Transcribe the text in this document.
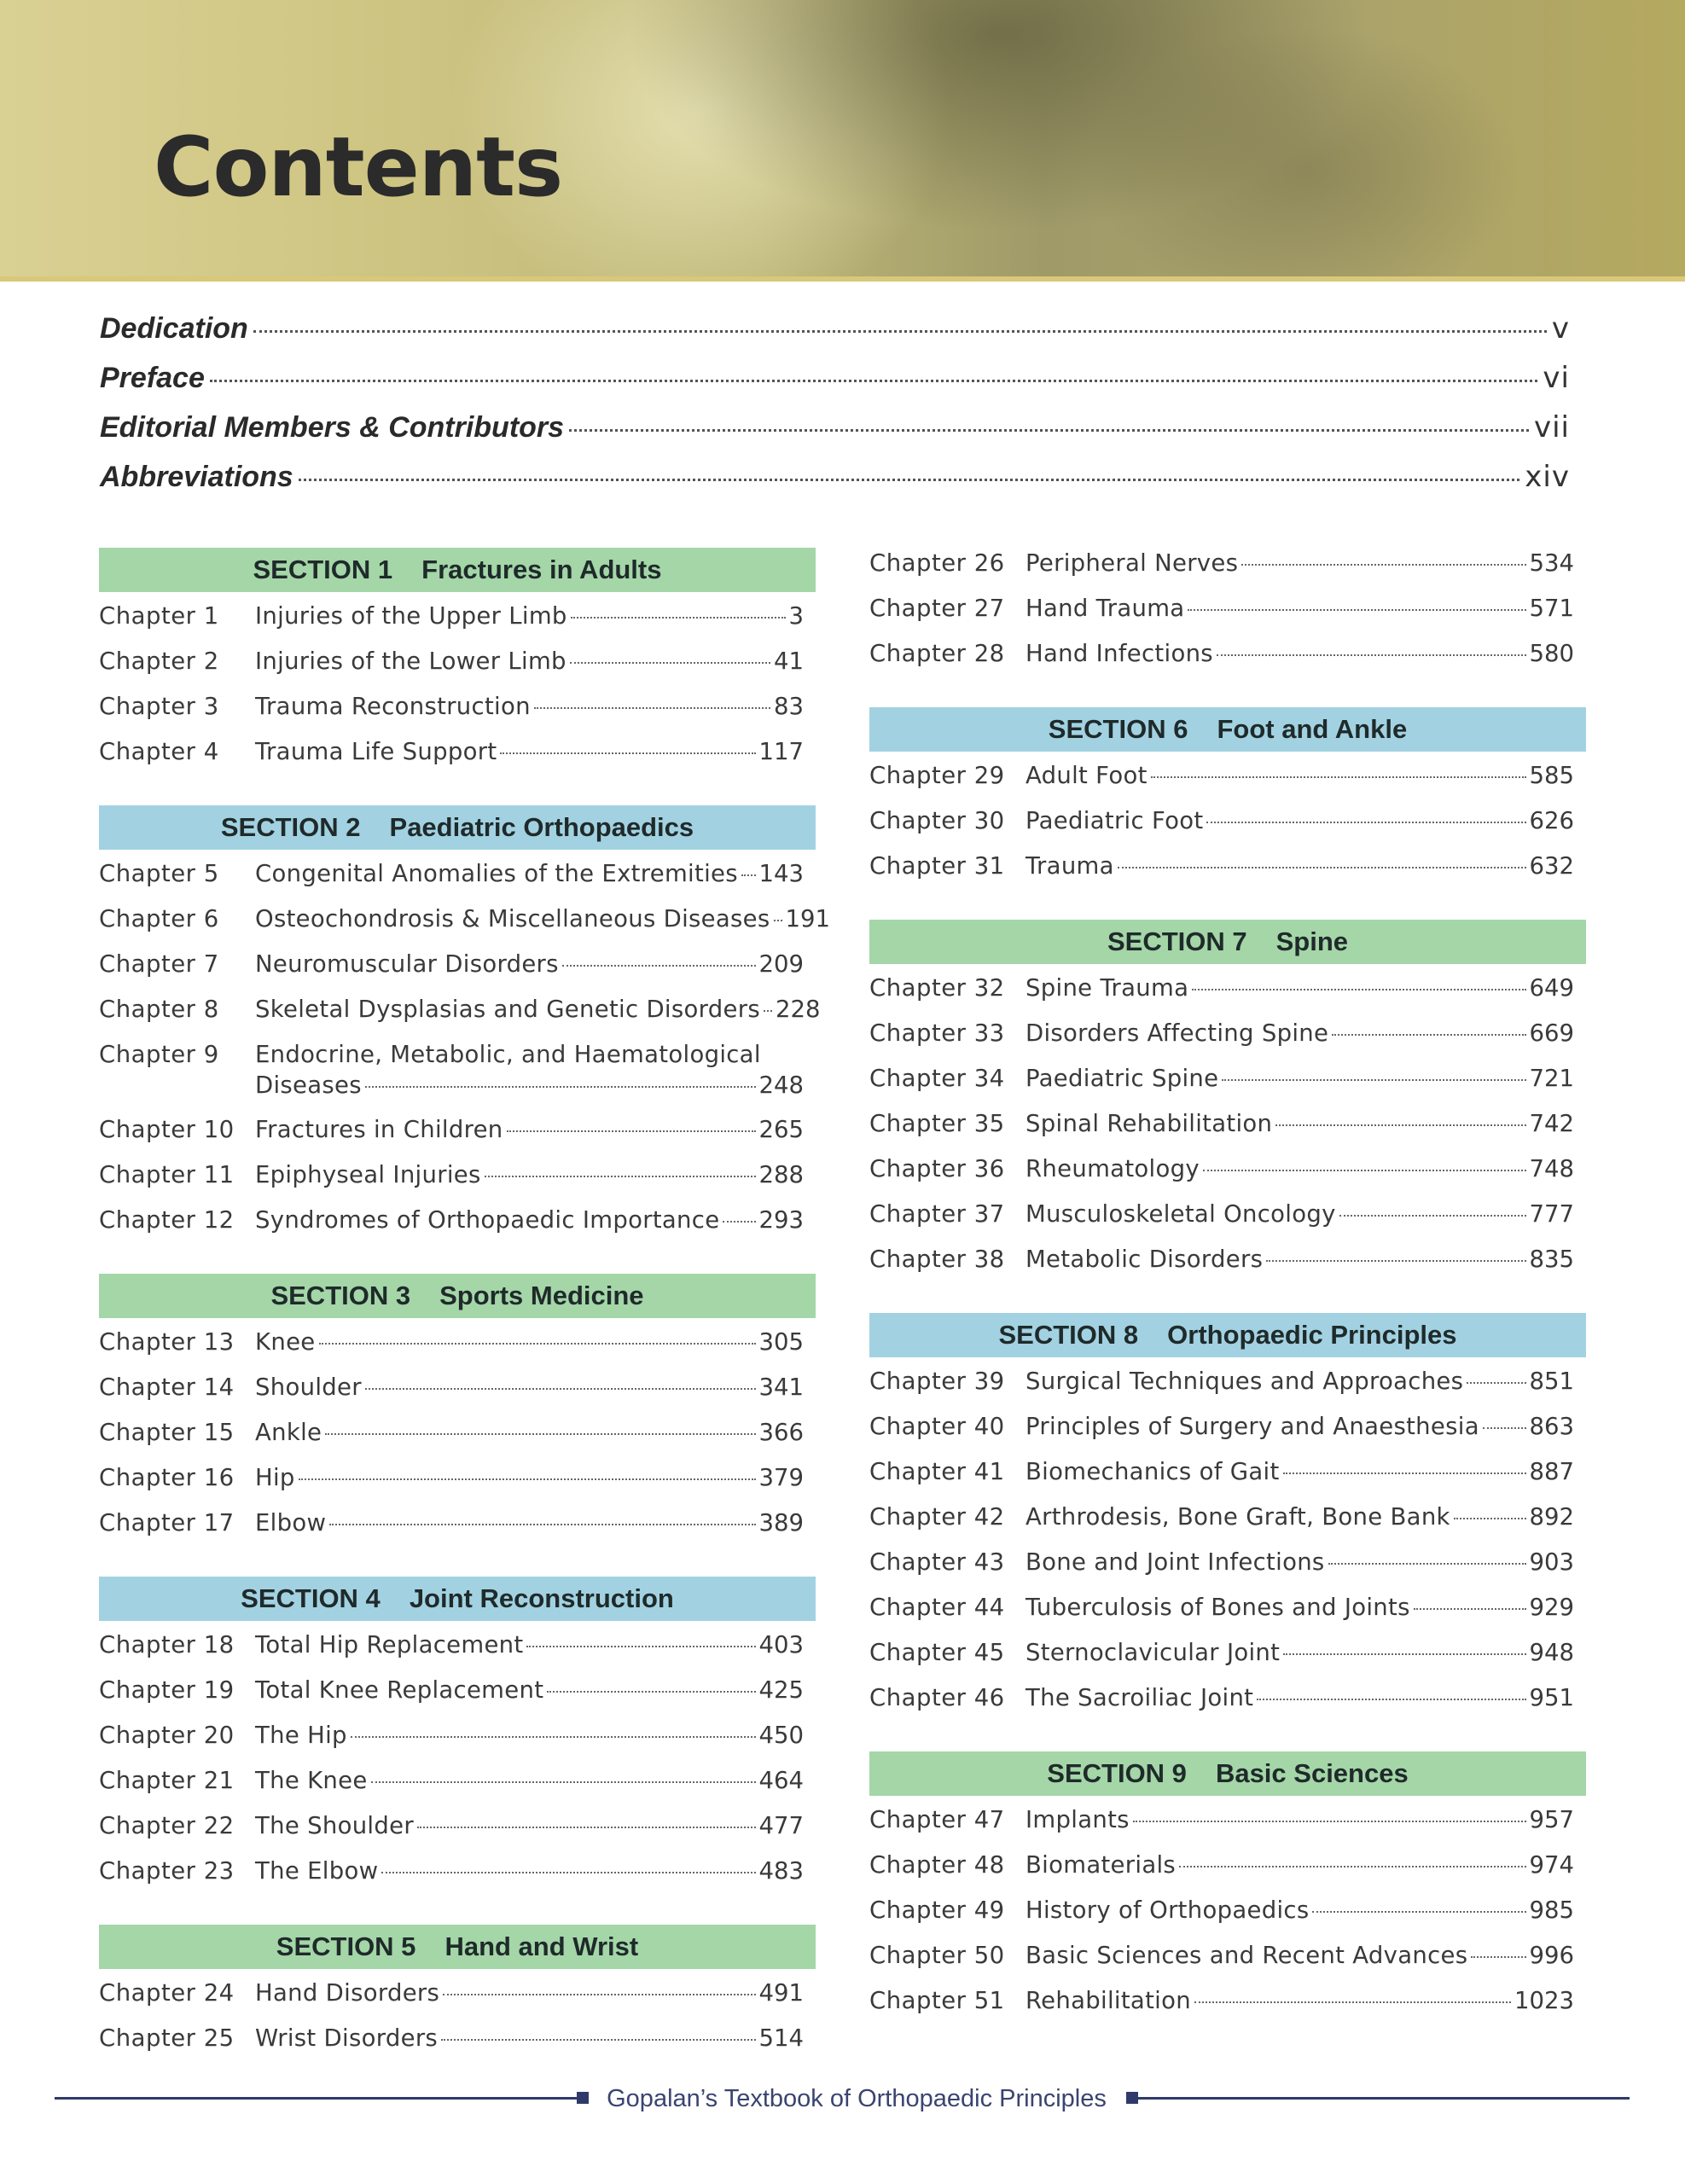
Contents
Dedication	v
Preface	vi
Editorial Members & Contributors	vii
Abbreviations	xiv
SECTION 1 Fractures in Adults
Chapter 1	Injuries of the Upper Limb	3
Chapter 2	Injuries of the Lower Limb	41
Chapter 3	Trauma Reconstruction	83
Chapter 4	Trauma Life Support	117
SECTION 2 Paediatric Orthopaedics
Chapter 5	Congenital Anomalies of the Extremities 143
Chapter 6	Osteochondrosis & Miscellaneous Diseases 191
Chapter 7	Neuromuscular Disorders	209
Chapter 8	Skeletal Dysplasias and Genetic Disorders 228
Chapter 9	Endocrine, Metabolic, and Haematological
Diseases	248
Chapter 10 Fractures in Children	265
Chapter 11 Epiphyseal Injuries	288
Chapter 12 Syndromes of Orthopaedic Importance 293
SECTION 3 Sports Medicine
Chapter 13 Knee	305
Chapter 14 Shoulder	341
Chapter 15 Ankle	366
Chapter 16 Hip	379
Chapter 17 Elbow	389
SECTION 4 Joint Reconstruction
Chapter 18 Total Hip Replacement	403
Chapter 19 Total Knee Replacement	425
Chapter 20 The Hip	450
Chapter 21 The Knee	464
Chapter 22 The Shoulder	477
Chapter 23 The Elbow	483
SECTION 5 Hand and Wrist
Chapter 24 Hand Disorders	491
Chapter 25 Wrist Disorders	514
Chapter 26 Peripheral Nerves	534
Chapter 27 Hand Trauma	571
Chapter 28 Hand Infections	580
SECTION 6 Foot and Ankle
Chapter 29 Adult Foot	585
Chapter 30 Paediatric Foot	626
Chapter 31 Trauma	632
SECTION 7 Spine
Chapter 32 Spine Trauma	649
Chapter 33 Disorders Affecting Spine	669
Chapter 34 Paediatric Spine	721
Chapter 35 Spinal Rehabilitation	742
Chapter 36 Rheumatology	748
Chapter 37 Musculoskeletal Oncology	777
Chapter 38 Metabolic Disorders	835
SECTION 8 Orthopaedic Principles
Chapter 39 Surgical Techniques and Approaches	851
Chapter 40 Principles of Surgery and Anaesthesia 863
Chapter 41 Biomechanics of Gait	887
Chapter 42 Arthrodesis, Bone Graft, Bone Bank	892
Chapter 43 Bone and Joint Infections	903
Chapter 44 Tuberculosis of Bones and Joints	929
Chapter 45 Sternoclavicular Joint	948
Chapter 46 The Sacroiliac Joint	951
SECTION 9 Basic Sciences
Chapter 47 Implants	957
Chapter 48 Biomaterials	974
Chapter 49 History of Orthopaedics	985
Chapter 50 Basic Sciences and Recent Advances	996
Chapter 51 Rehabilitation	1023
Gopalan’s Textbook of Orthopaedic Principles
